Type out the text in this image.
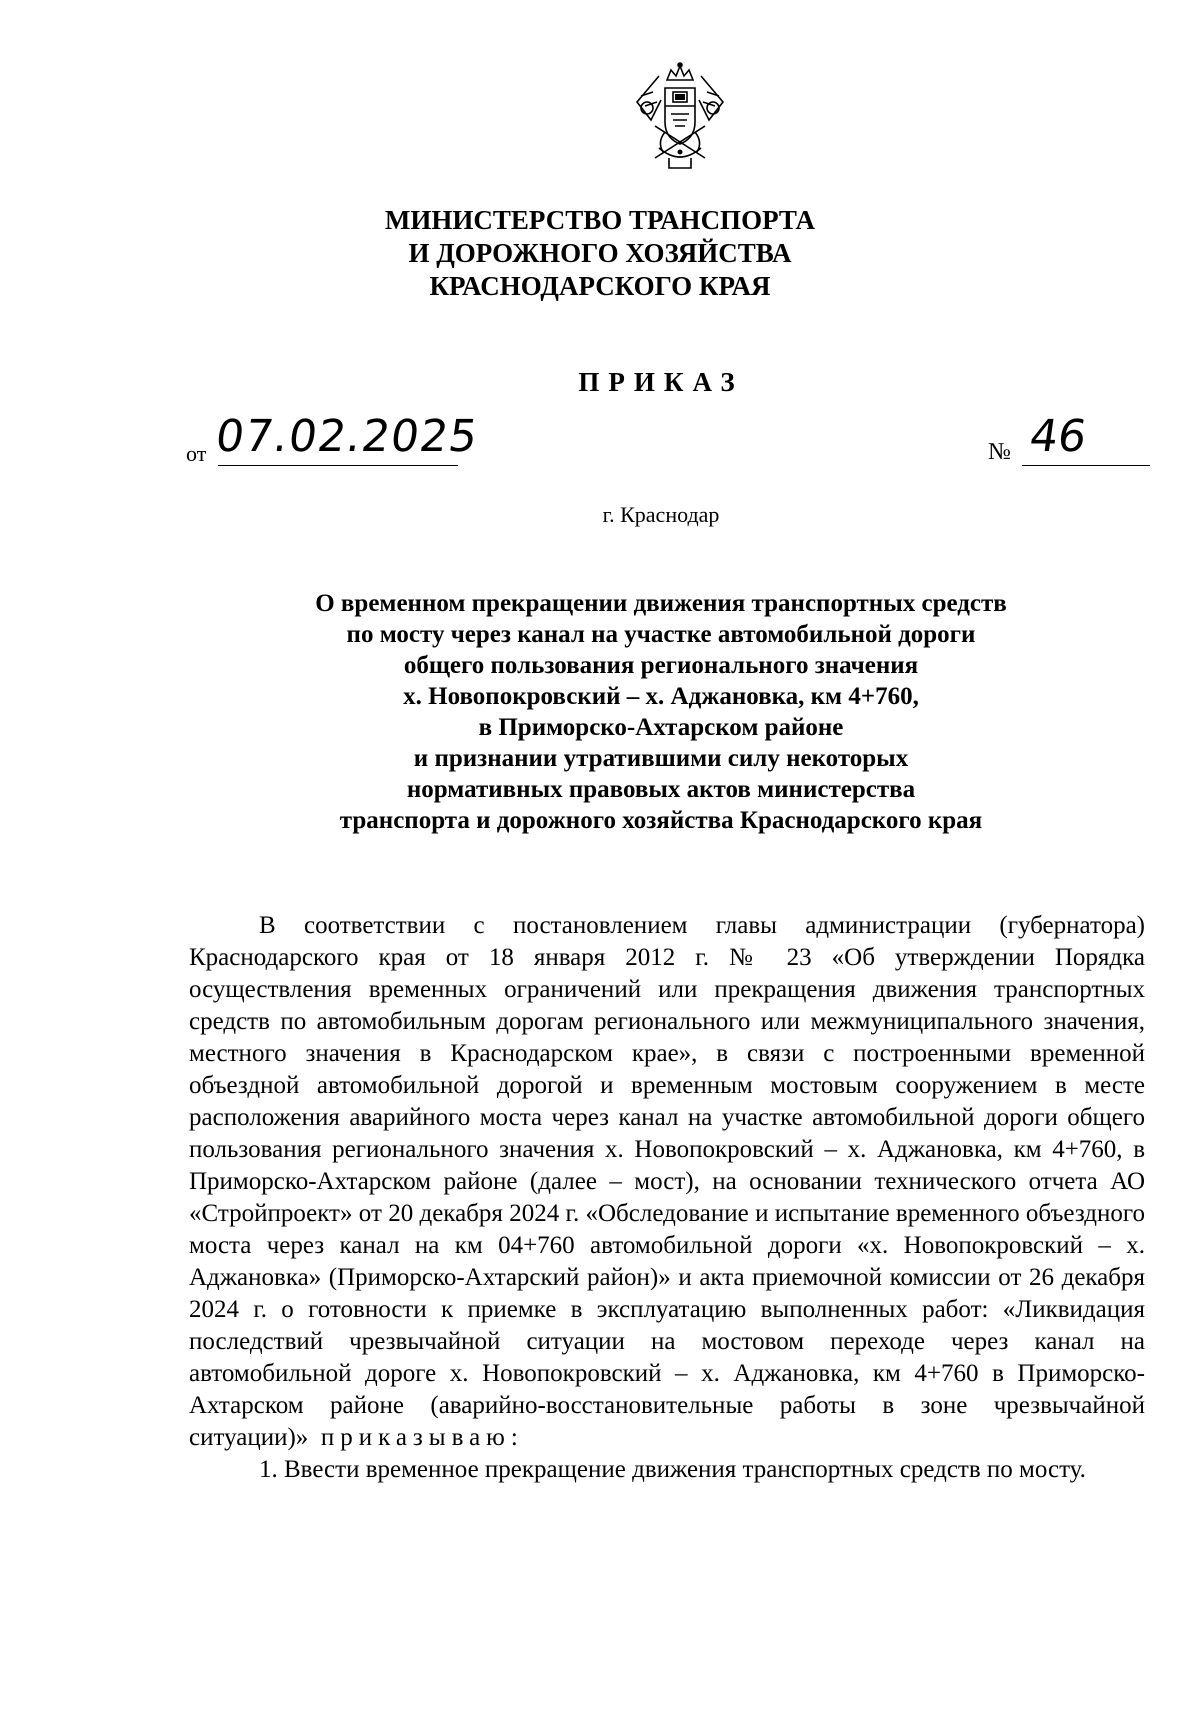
МИНИСТЕРСТВО ТРАНСПОРТА
И ДОРОЖНОГО ХОЗЯЙСТВА
КРАСНОДАРСКОГО КРАЯ
ПРИКАЗ
от 07.02.2025	№ 46
г. Краснодар
О временном прекращении движения транспортных средств
по мосту через канал на участке автомобильной дороги
общего пользования регионального значения
х. Новопокровский – х. Аджановка, км 4+760,
в Приморско-Ахтарском районе
и признании утратившими силу некоторых
нормативных правовых актов министерства
транспорта и дорожного хозяйства Краснодарского края

В соответствии с постановлением главы администрации (губернатора) Краснодарского края от 18 января 2012 г. № 23 «Об утверждении Порядка осуществления временных ограничений или прекращения движения транспортных средств по автомобильным дорогам регионального или межмуниципального значения, местного значения в Краснодарском крае», в связи с построенными временной объездной автомобильной дорогой и временным мостовым сооружением в месте расположения аварийного моста через канал на участке автомобильной дороги общего пользования регионального значения х. Новопокровский – х. Аджановка, км 4+760, в Приморско-Ахтарском районе (далее – мост), на основании технического отчета АО «Стройпроект» от 20 декабря 2024 г. «Обследование и испытание временного объездного моста через канал на км 04+760 автомобильной дороги «х. Новопокровский – х. Аджановка» (Приморско-Ахтарский район)» и акта приемочной комиссии от 26 декабря 2024 г. о готовности к приемке в эксплуатацию выполненных работ: «Ликвидация последствий чрезвычайной ситуации на мостовом переходе через канал на автомобильной дороге х. Новопокровский – х. Аджановка, км 4+760 в Приморско-Ахтарском районе (аварийно-восстановительные работы в зоне чрезвычайной ситуации)» приказываю:

1. Ввести временное прекращение движения транспортных средств по мосту.
